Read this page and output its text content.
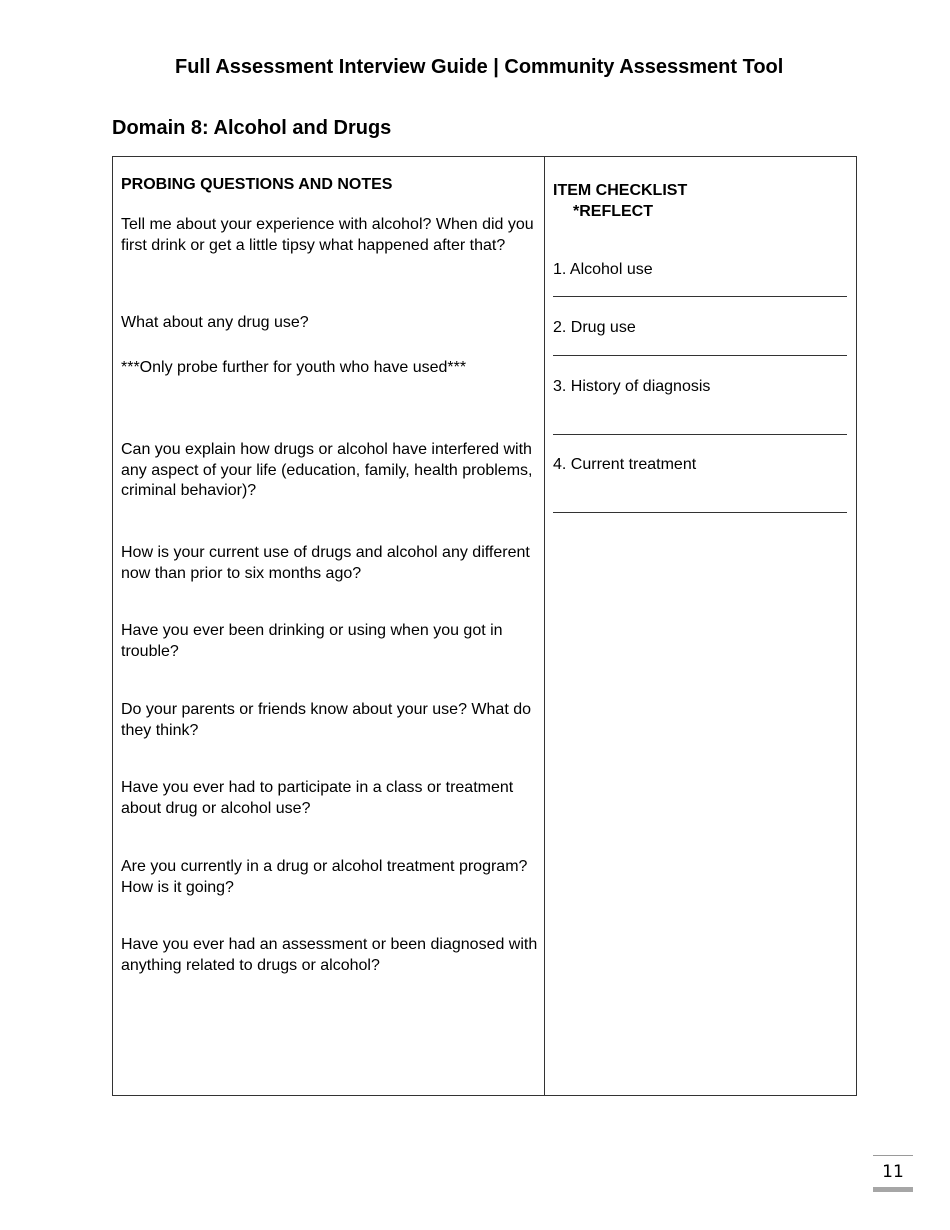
Full Assessment Interview Guide | Community Assessment Tool
Domain 8: Alcohol and Drugs

PROBING QUESTIONS AND NOTES

Tell me about your experience with alcohol? When did you first drink or get a little tipsy what happened after that?

What about any drug use?

***Only probe further for youth who have used***

Can you explain how drugs or alcohol have interfered with any aspect of your life (education, family, health problems, criminal behavior)?

How is your current use of drugs and alcohol any different now than prior to six months ago?

Have you ever been drinking or using when you got in trouble?

Do your parents or friends know about your use? What do they think?

Have you ever had to participate in a class or treatment about drug or alcohol use?

Are you currently in a drug or alcohol treatment program? How is it going?

Have you ever had an assessment or been diagnosed with anything related to drugs or alcohol?

ITEM CHECKLIST
*REFLECT

1. Alcohol use

2. Drug use

3. History of diagnosis

4. Current treatment

11
